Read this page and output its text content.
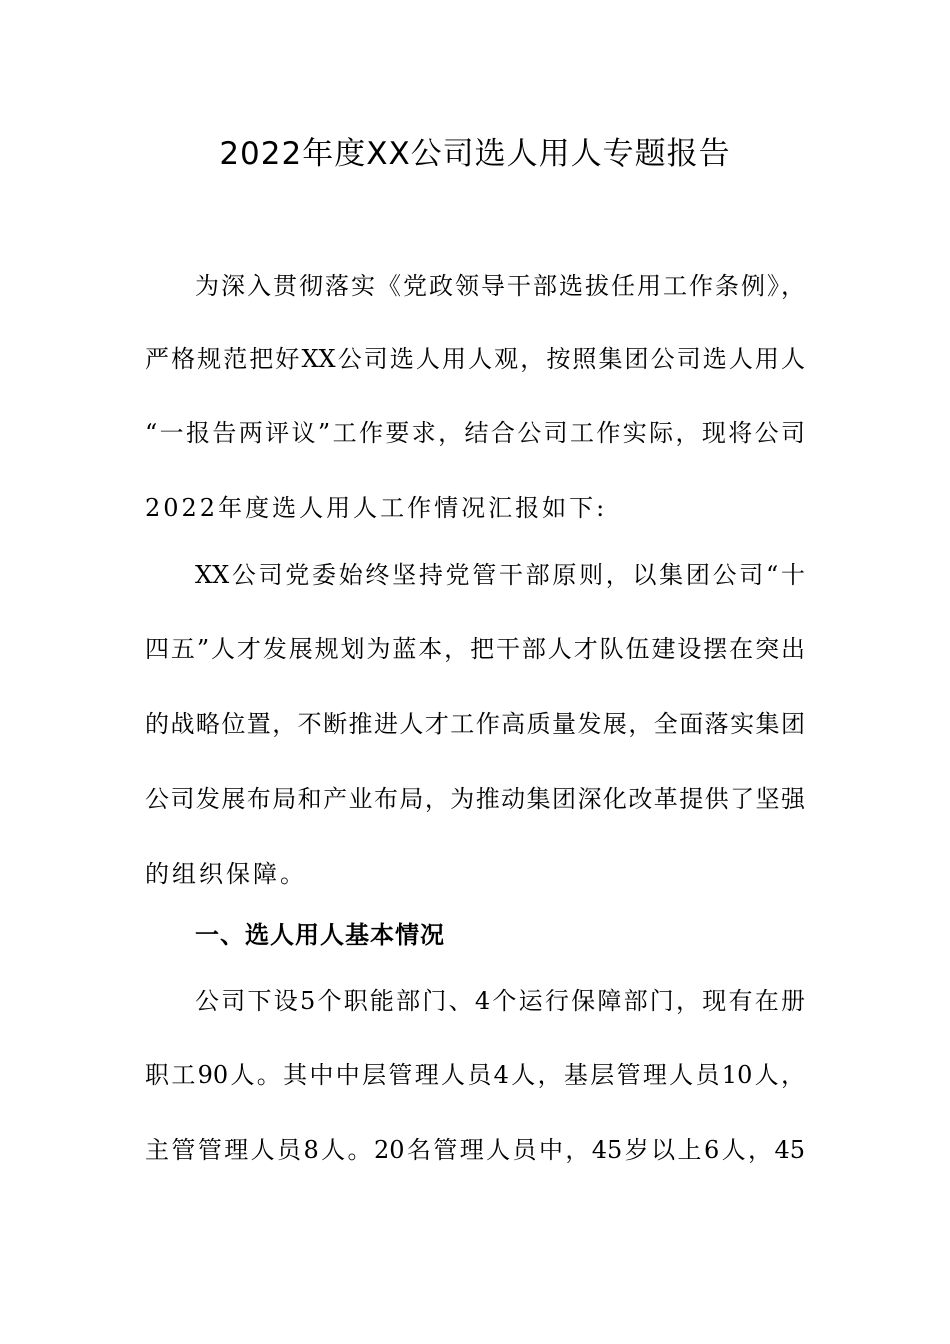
2022年度XX公司选人用人专题报告
为深入贯彻落实《党政领导干部选拔任用工作条例》，
严格规范把好XX公司选人用人观，按照集团公司选人用人
“一报告两评议”工作要求，结合公司工作实际，现将公司
2022年度选人用人工作情况汇报如下:
XX公司党委始终坚持党管干部原则，以集团公司“十
四五”人才发展规划为蓝本，把干部人才队伍建设摆在突出
的战略位置，不断推进人才工作高质量发展，全面落实集团
公司发展布局和产业布局，为推动集团深化改革提供了坚强
的组织保障。
一、选人用人基本情况
公司下设5个职能部门、4个运行保障部门，现有在册
职工90人。其中中层管理人员4人，基层管理人员10人，
主管管理人员8人。20名管理人员中，45岁以上6人，45
